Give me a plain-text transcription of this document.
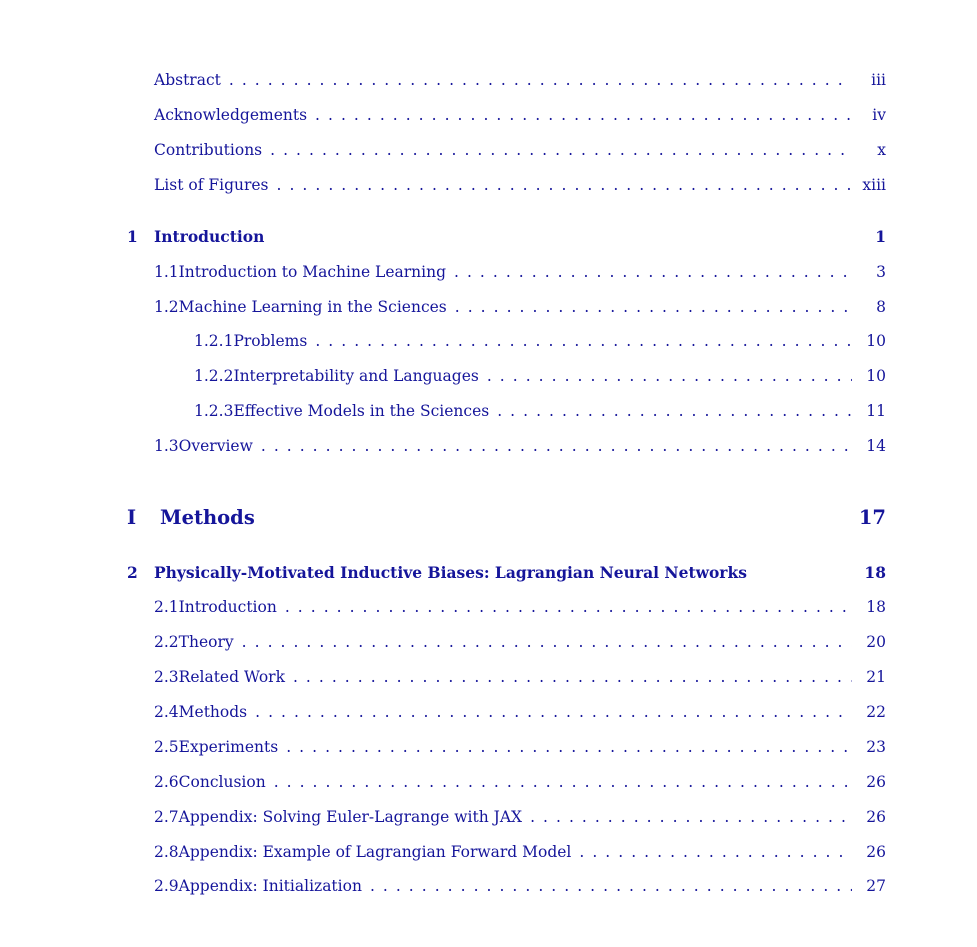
Abstract . . .	iii
Acknowledgements . . .	iv
Contributions . . .	x
List of Figures . . .	xiii
1	Introduction	1
1.1 Introduction to Machine Learning . . .	3
1.2 Machine Learning in the Sciences . . .	8
1.2.1 Problems . . .	10
1.2.2 Interpretability and Languages . . .	10
1.2.3 Effective Models in the Sciences . . .	11
1.3 Overview . . .	14
I	Methods	17
2	Physically-Motivated Inductive Biases: Lagrangian Neural Networks	18
2.1 Introduction . . .	18
2.2 Theory . . .	20
2.3 Related Work . . .	21
2.4 Methods . . .	22
2.5 Experiments . . .	23
2.6 Conclusion . . .	26
2.7 Appendix: Solving Euler-Lagrange with JAX . . .	26
2.8 Appendix: Example of Lagrangian Forward Model . . .	26
2.9 Appendix: Initialization . . .	27
